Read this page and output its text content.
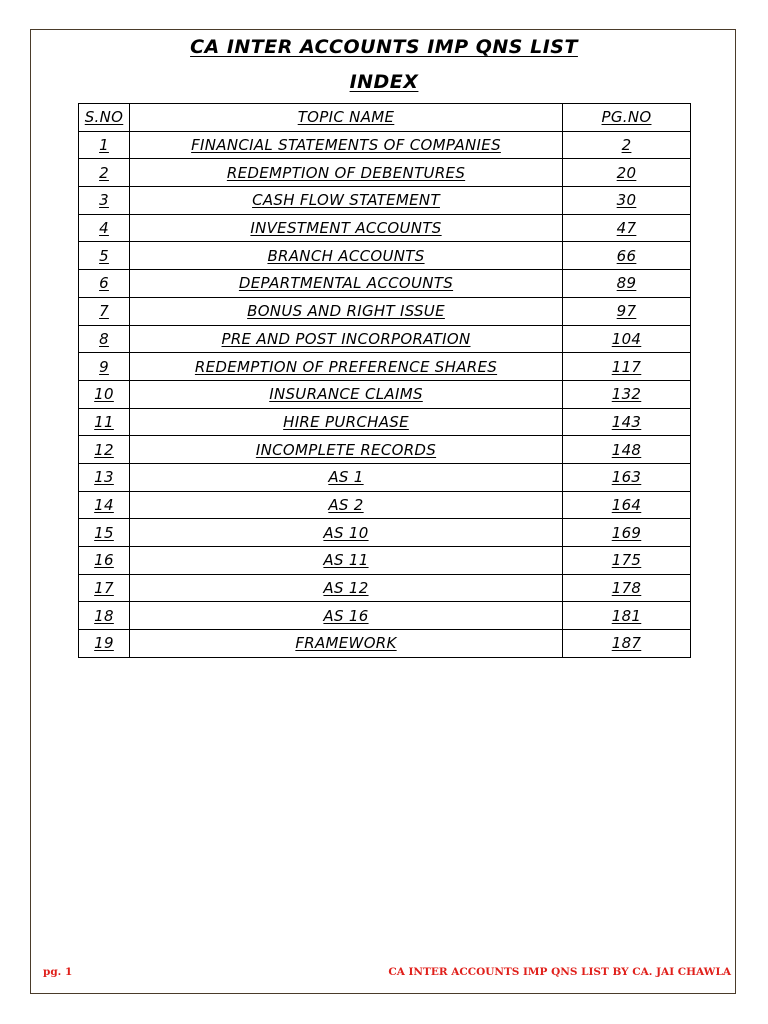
CA INTER ACCOUNTS IMP QNS LIST
INDEX
S.NO	TOPIC NAME	PG.NO
1	FINANCIAL STATEMENTS OF COMPANIES	2
2	REDEMPTION OF DEBENTURES	20
3	CASH FLOW STATEMENT	30
4	INVESTMENT ACCOUNTS	47
5	BRANCH ACCOUNTS	66
6	DEPARTMENTAL ACCOUNTS	89
7	BONUS AND RIGHT ISSUE	97
8	PRE AND POST INCORPORATION	104
9	REDEMPTION OF PREFERENCE SHARES	117
10	INSURANCE CLAIMS	132
11	HIRE PURCHASE	143
12	INCOMPLETE RECORDS	148
13	AS 1	163
14	AS 2	164
15	AS 10	169
16	AS 11	175
17	AS 12	178
18	AS 16	181
19	FRAMEWORK	187
pg. 1	CA INTER ACCOUNTS IMP QNS LIST BY CA. JAI CHAWLA
